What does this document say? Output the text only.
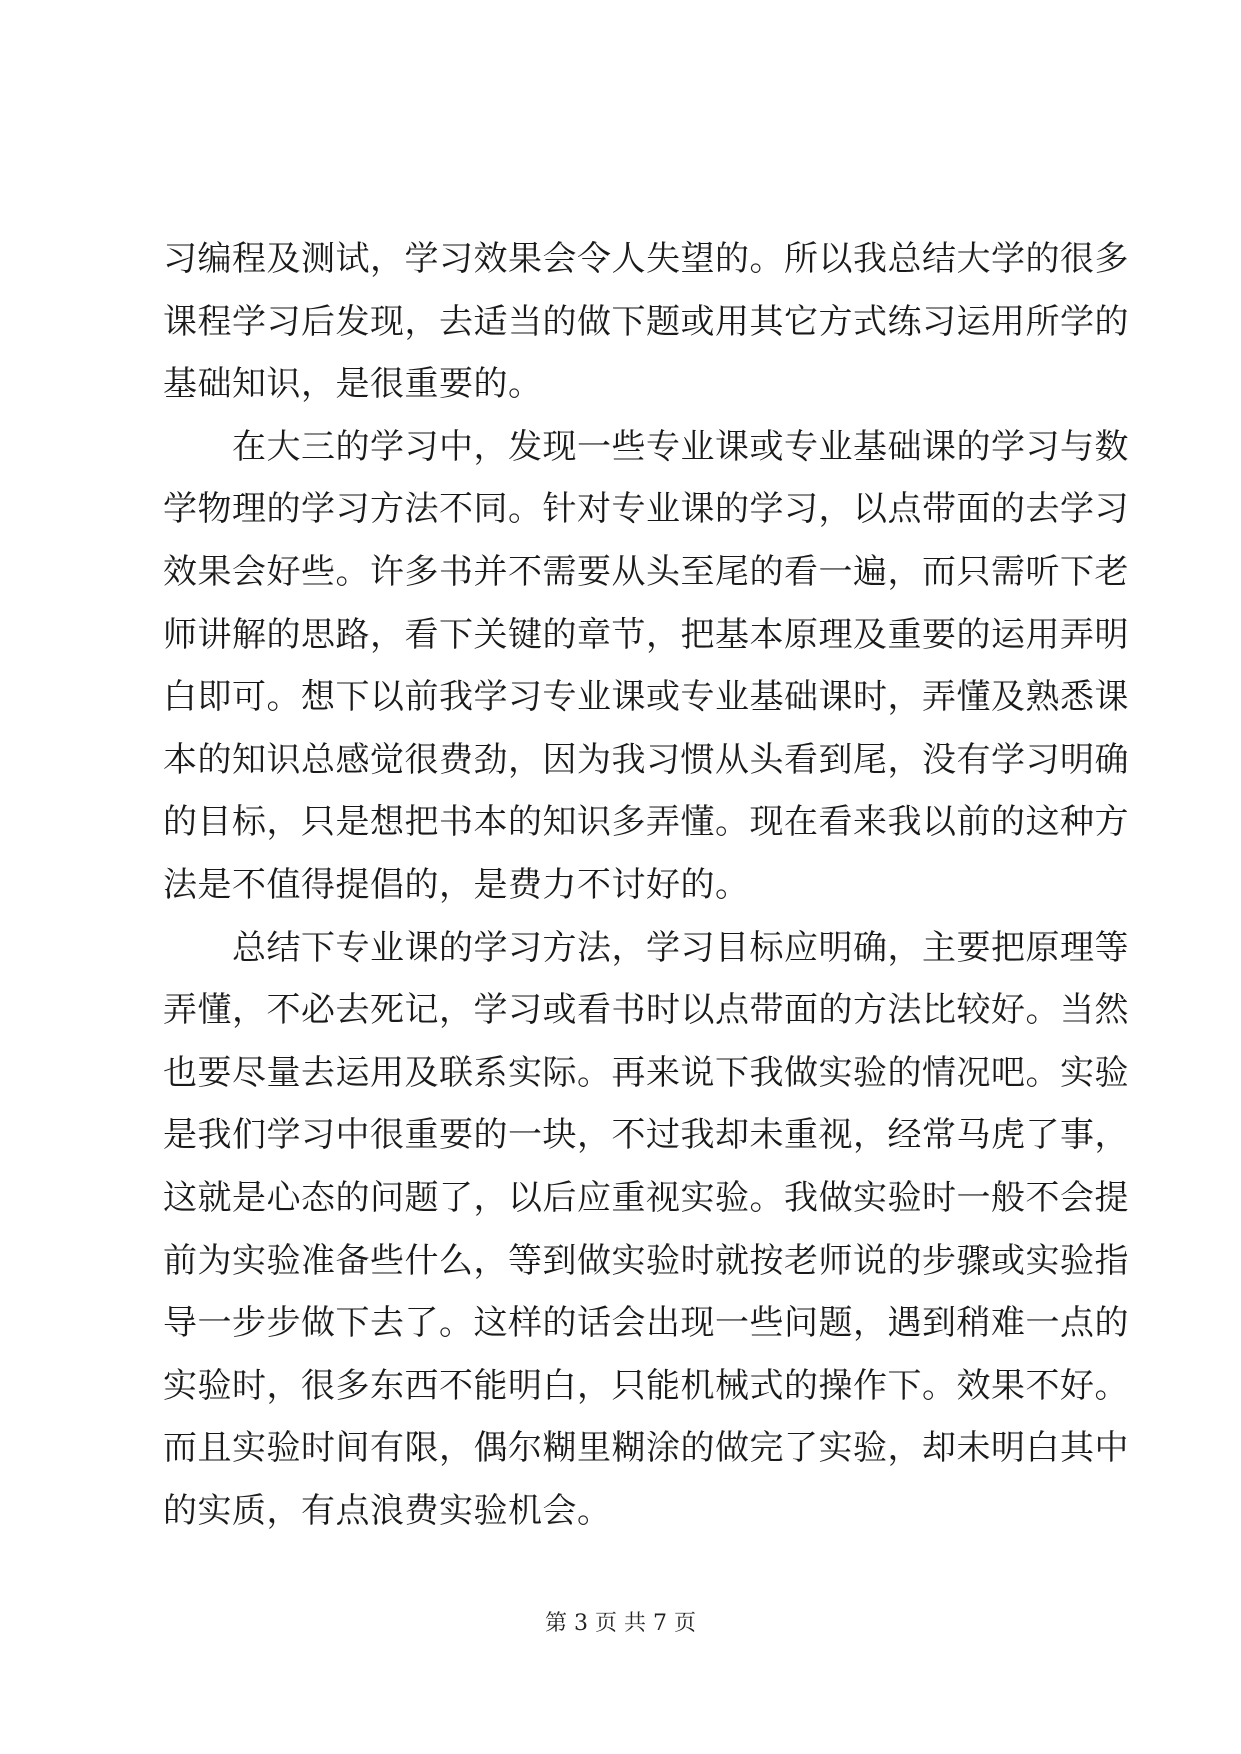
习编程及测试，学习效果会令人失望的。所以我总结大学的很多
课程学习后发现，去适当的做下题或用其它方式练习运用所学的
基础知识，是很重要的。
在大三的学习中，发现一些专业课或专业基础课的学习与数
学物理的学习方法不同。针对专业课的学习，以点带面的去学习
效果会好些。许多书并不需要从头至尾的看一遍，而只需听下老
师讲解的思路，看下关键的章节，把基本原理及重要的运用弄明
白即可。想下以前我学习专业课或专业基础课时，弄懂及熟悉课
本的知识总感觉很费劲，因为我习惯从头看到尾，没有学习明确
的目标，只是想把书本的知识多弄懂。现在看来我以前的这种方
法是不值得提倡的，是费力不讨好的。
总结下专业课的学习方法，学习目标应明确，主要把原理等
弄懂，不必去死记，学习或看书时以点带面的方法比较好。当然
也要尽量去运用及联系实际。再来说下我做实验的情况吧。实验
是我们学习中很重要的一块，不过我却未重视，经常马虎了事，
这就是心态的问题了，以后应重视实验。我做实验时一般不会提
前为实验准备些什么，等到做实验时就按老师说的步骤或实验指
导一步步做下去了。这样的话会出现一些问题，遇到稍难一点的
实验时，很多东西不能明白，只能机械式的操作下。效果不好。
而且实验时间有限，偶尔糊里糊涂的做完了实验，却未明白其中
的实质，有点浪费实验机会。
第 3 页 共 7 页
